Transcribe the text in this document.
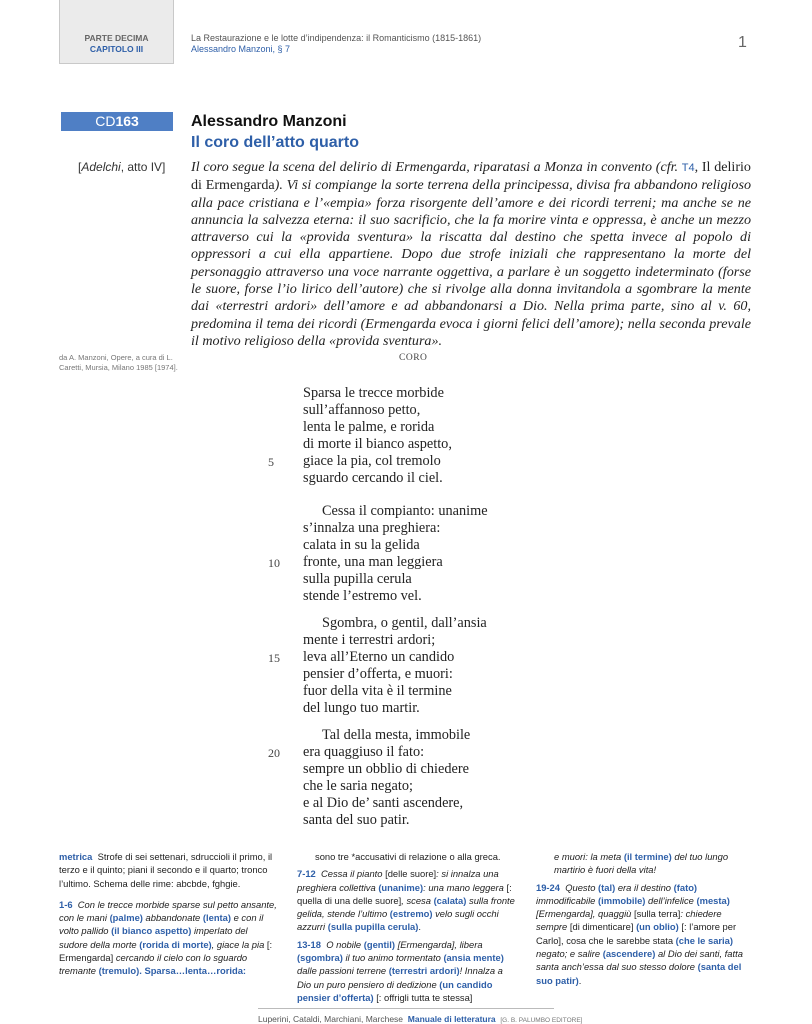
PARTE DECIMA
CAPITOLO III
La Restaurazione e le lotte d’indipendenza: il Romanticismo (1815-1861)
Alessandro Manzoni, § 7	1
CD163	Alessandro Manzoni
Il coro dell’atto quarto
[Adelchi, atto IV] Il coro segue la scena del delirio di Ermengarda, riparatasi a Monza in convento (cfr. T4, Il delirio di Ermengarda). Vi si compiange la sorte terrena della principessa, divisa fra abbandono religioso alla pace cristiana e l’«empia» forza risorgente dell’amore e dei ricordi terreni; ma anche se ne annuncia la salvezza eterna: il suo sacrificio, che la fa morire vinta e oppressa, è anche un mezzo attraverso cui la «provida sventura» la riscatta dal destino che spetta invece al popolo di oppressori a cui ella appartiene. Dopo due strofe iniziali che rappresentano la morte del personaggio attraverso una voce narrante oggettiva, a parlare è un soggetto indeterminato (forse le suore, forse l’io lirico dell’autore) che si rivolge alla donna invitandola a sgombrare la mente dai «terrestri ardori» dell’amore e ad abbandonarsi a Dio. Nella prima parte, sino al v. 60, predomina il tema dei ricordi (Ermengarda evoca i giorni felici dell’amore); nella seconda prevale il motivo religioso della «provida sventura».
da A. Manzoni, Opere, a cura di L. Caretti, Mursia, Milano 1985 [1974].
CORO
Sparsa le trecce morbide
sull’affannoso petto,
lenta le palme, e rorida
di morte il bianco aspetto,
giace la pia, col tremolo
sguardo cercando il ciel.
Cessa il compianto: unanime
s’innalza una preghiera:
calata in su la gelida
fronte, una man leggiera
sulla pupilla cerula
stende l’estremo vel.
Sgombra, o gentil, dall’ansia
mente i terrestri ardori;
leva all’Eterno un candido
pensier d’offerta, e muori:
fuor della vita è il termine
del lungo tuo martir.
Tal della mesta, immobile
era quaggiuso il fato:
sempre un obblio di chiedere
che le saria negato;
e al Dio de’ santi ascendere,
santa del suo patir.
5
10
15
20
metrica Strofe di sei settenari, sdruccioli il primo, il terzo e il quinto; piani il secondo e il quarto; tronco l’ultimo. Schema delle rime: abcbde, fghgie.
1-6 Con le trecce morbide sparse sul petto ansante, con le mani (palme) abbandonate (lenta) e con il volto pallido (il bianco aspetto) imperlato del sudore della morte (rorida di morte), giace la pia [: Ermengarda] cercando il cielo con lo sguardo tremante (tremulo). Sparsa…lenta…rorida:
sono tre *accusativi di relazione o alla greca.
7-12 Cessa il pianto [delle suore]: si innalza una preghiera collettiva (unanime): una mano leggera [: quella di una delle suore], scesa (calata) sulla fronte gelida, stende l’ultimo (estremo) velo sugli occhi azzurri (sulla pupilla cerula).
13-18 O nobile (gentil) [Ermengarda], libera (sgombra) il tuo animo tormentato (ansia mente) dalle passioni terrene (terrestri ardori)! Innalza a Dio un puro pensiero di dedizione (un candido pensier d’offerta) [: offrigli tutta te stessa]
e muori: la meta (il termine) del tuo lungo martirio è fuori della vita!
19-24 Questo (tal) era il destino (fato) immodificabile (immobile) dell’infelice (mesta) [Ermengarda], quaggiù [sulla terra]: chiedere sempre [di dimenticare] (un oblio) [: l’amore per Carlo], cosa che le sarebbe stata (che le saria) negato; e salire (ascendere) al Dio dei santi, fatta santa anch’essa dal suo stesso dolore (santa del suo patir).
Luperini, Cataldi, Marchiani, Marchese Manuale di letteratura [G. B. PALUMBO EDITORE]
